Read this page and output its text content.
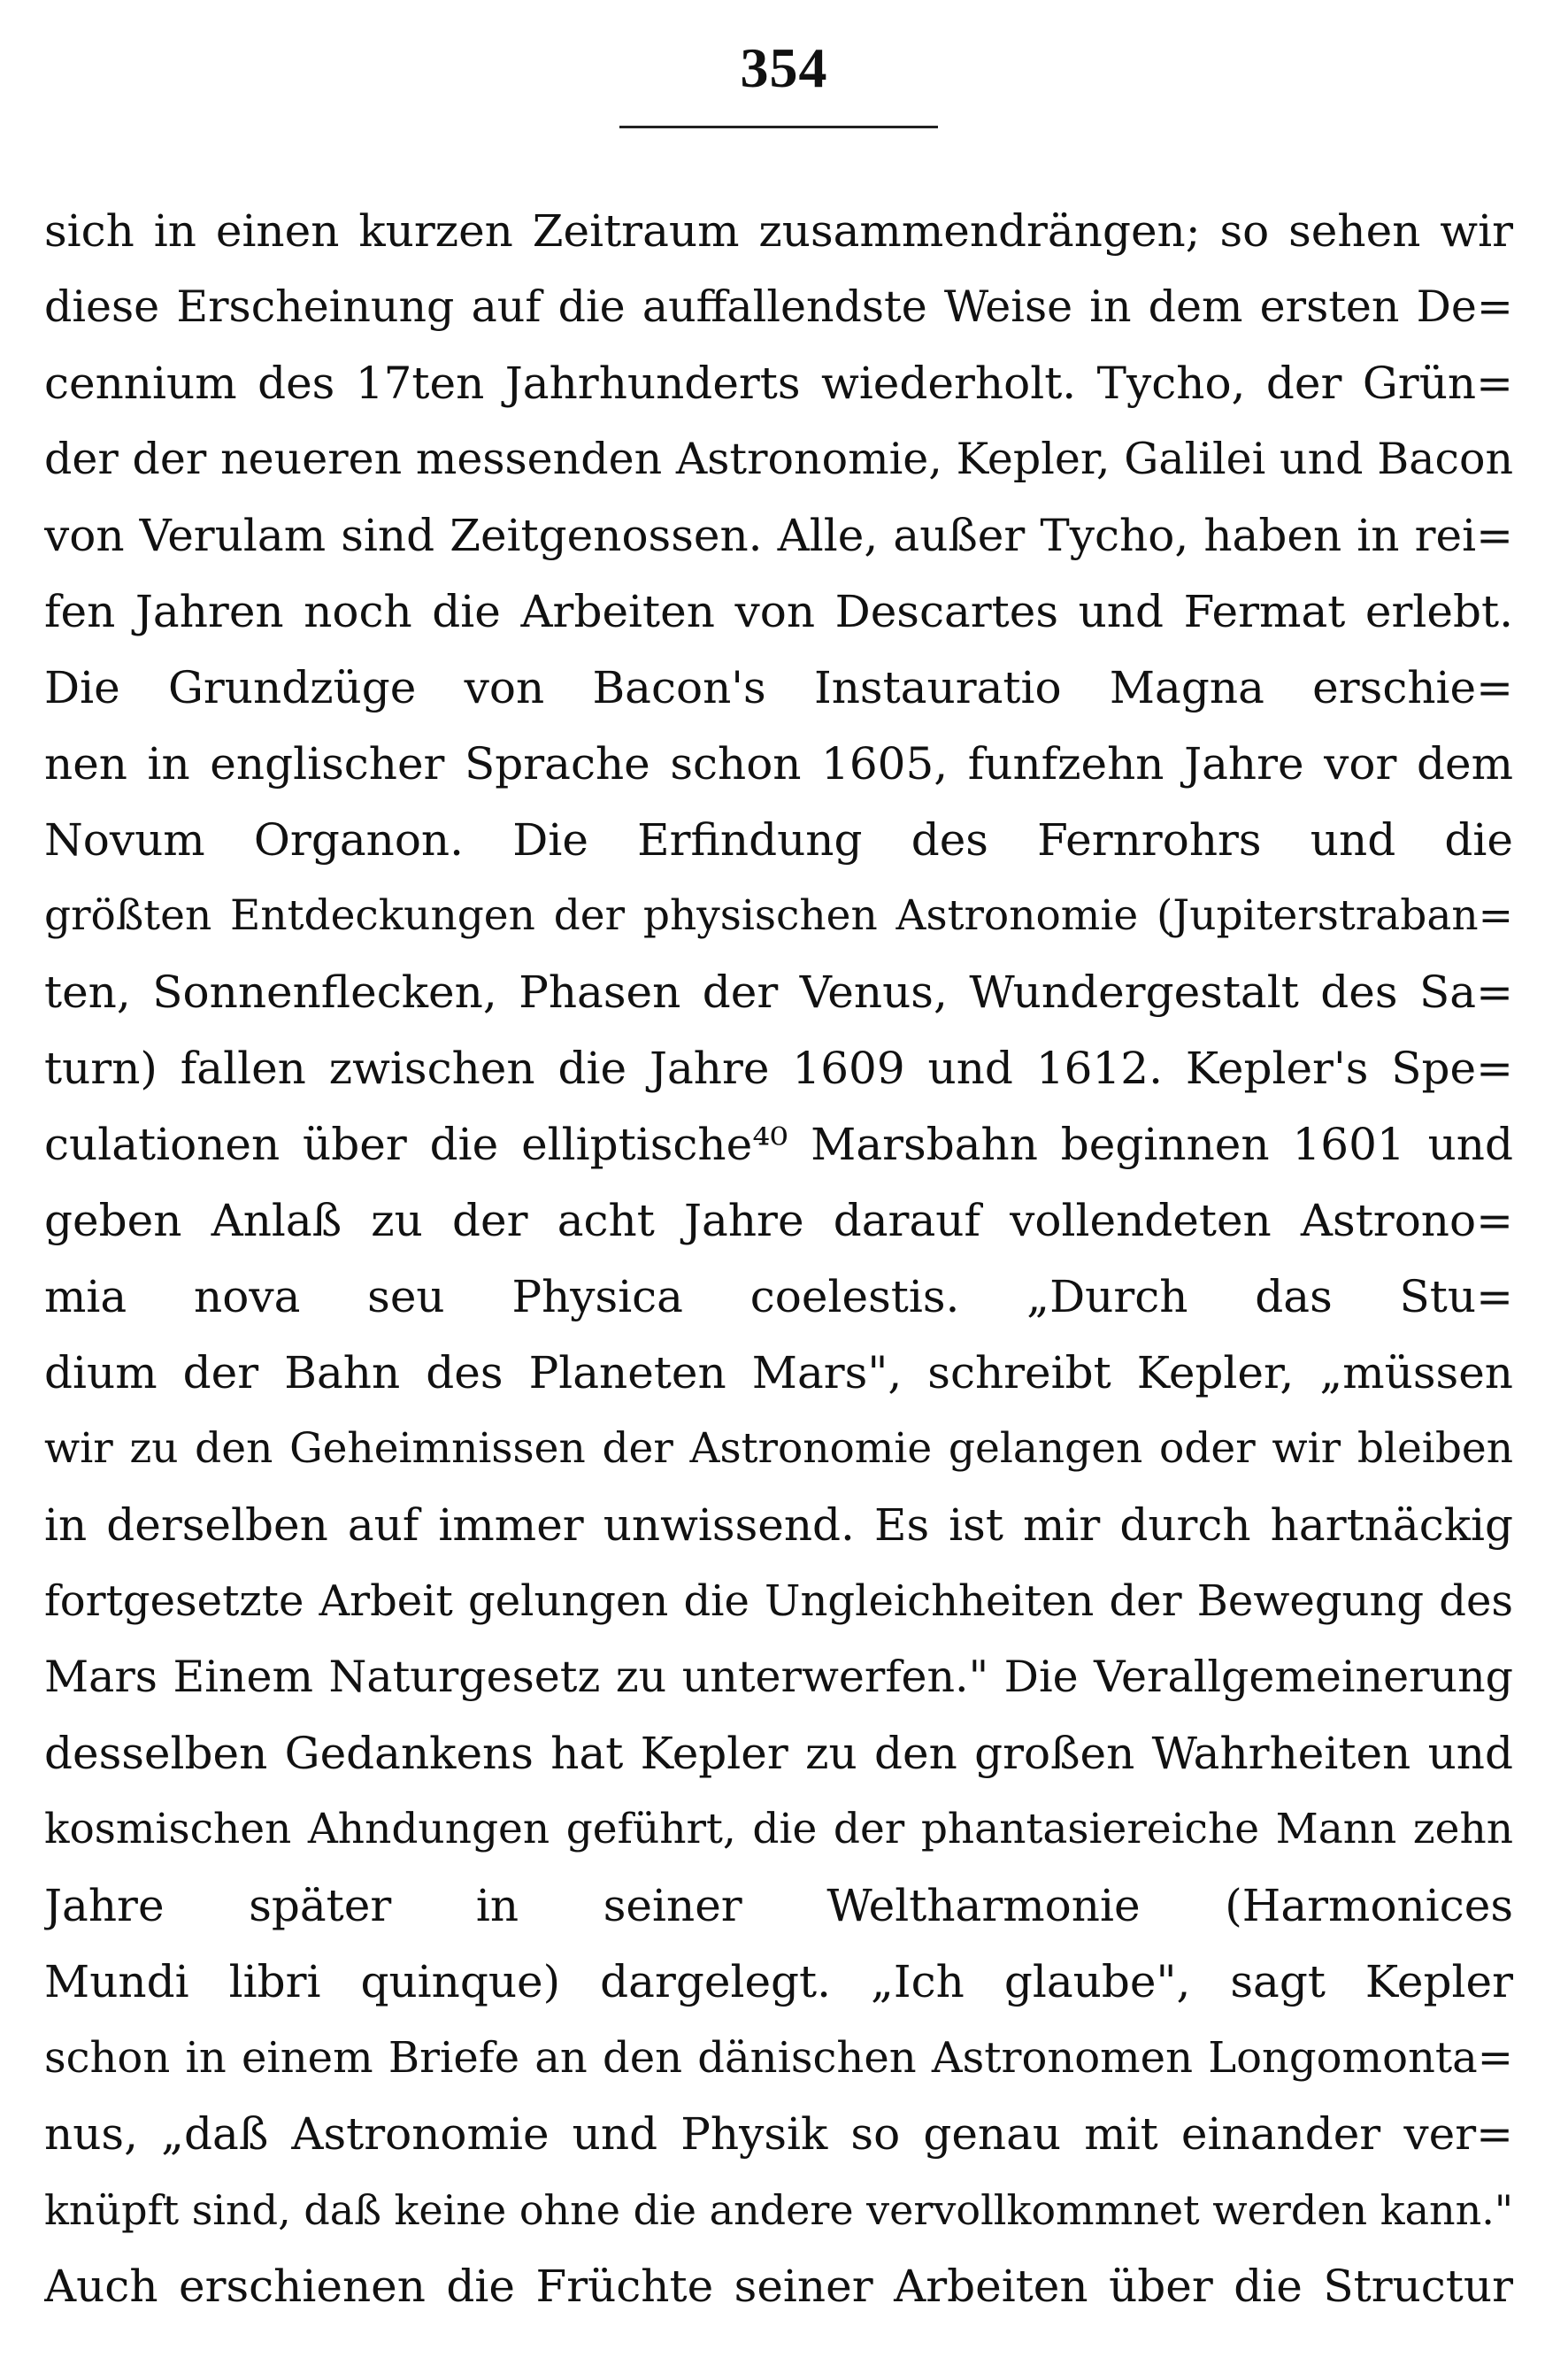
354
sich in einen kurzen Zeitraum zusammendrängen; so sehen wir
diese Erscheinung auf die auffallendste Weise in dem ersten De=
cennium des 17ten Jahrhunderts wiederholt. Tycho, der Grün=
der der neueren messenden Astronomie, Kepler, Galilei und Bacon
von Verulam sind Zeitgenossen. Alle, außer Tycho, haben in rei=
fen Jahren noch die Arbeiten von Descartes und Fermat erlebt.
Die Grundzüge von Bacon's Instauratio Magna erschie=
nen in englischer Sprache schon 1605, funfzehn Jahre vor dem
Novum Organon. Die Erfindung des Fernrohrs und die
größten Entdeckungen der physischen Astronomie (Jupiterstraban=
ten, Sonnenflecken, Phasen der Venus, Wundergestalt des Sa=
turn) fallen zwischen die Jahre 1609 und 1612. Kepler's Spe=
culationen über die elliptische⁴⁰ Marsbahn beginnen 1601 und
geben Anlaß zu der acht Jahre darauf vollendeten Astrono=
mia nova seu Physica coelestis. „Durch das Stu=
dium der Bahn des Planeten Mars", schreibt Kepler, „müssen
wir zu den Geheimnissen der Astronomie gelangen oder wir bleiben
in derselben auf immer unwissend. Es ist mir durch hartnäckig
fortgesetzte Arbeit gelungen die Ungleichheiten der Bewegung des
Mars Einem Naturgesetz zu unterwerfen." Die Verallgemeinerung
desselben Gedankens hat Kepler zu den großen Wahrheiten und
kosmischen Ahndungen geführt, die der phantasiereiche Mann zehn
Jahre später in seiner Weltharmonie (Harmonices
Mundi libri quinque) dargelegt. „Ich glaube", sagt Kepler
schon in einem Briefe an den dänischen Astronomen Longomonta=
nus, „daß Astronomie und Physik so genau mit einander ver=
knüpft sind, daß keine ohne die andere vervollkommnet werden kann."
Auch erschienen die Früchte seiner Arbeiten über die Structur
